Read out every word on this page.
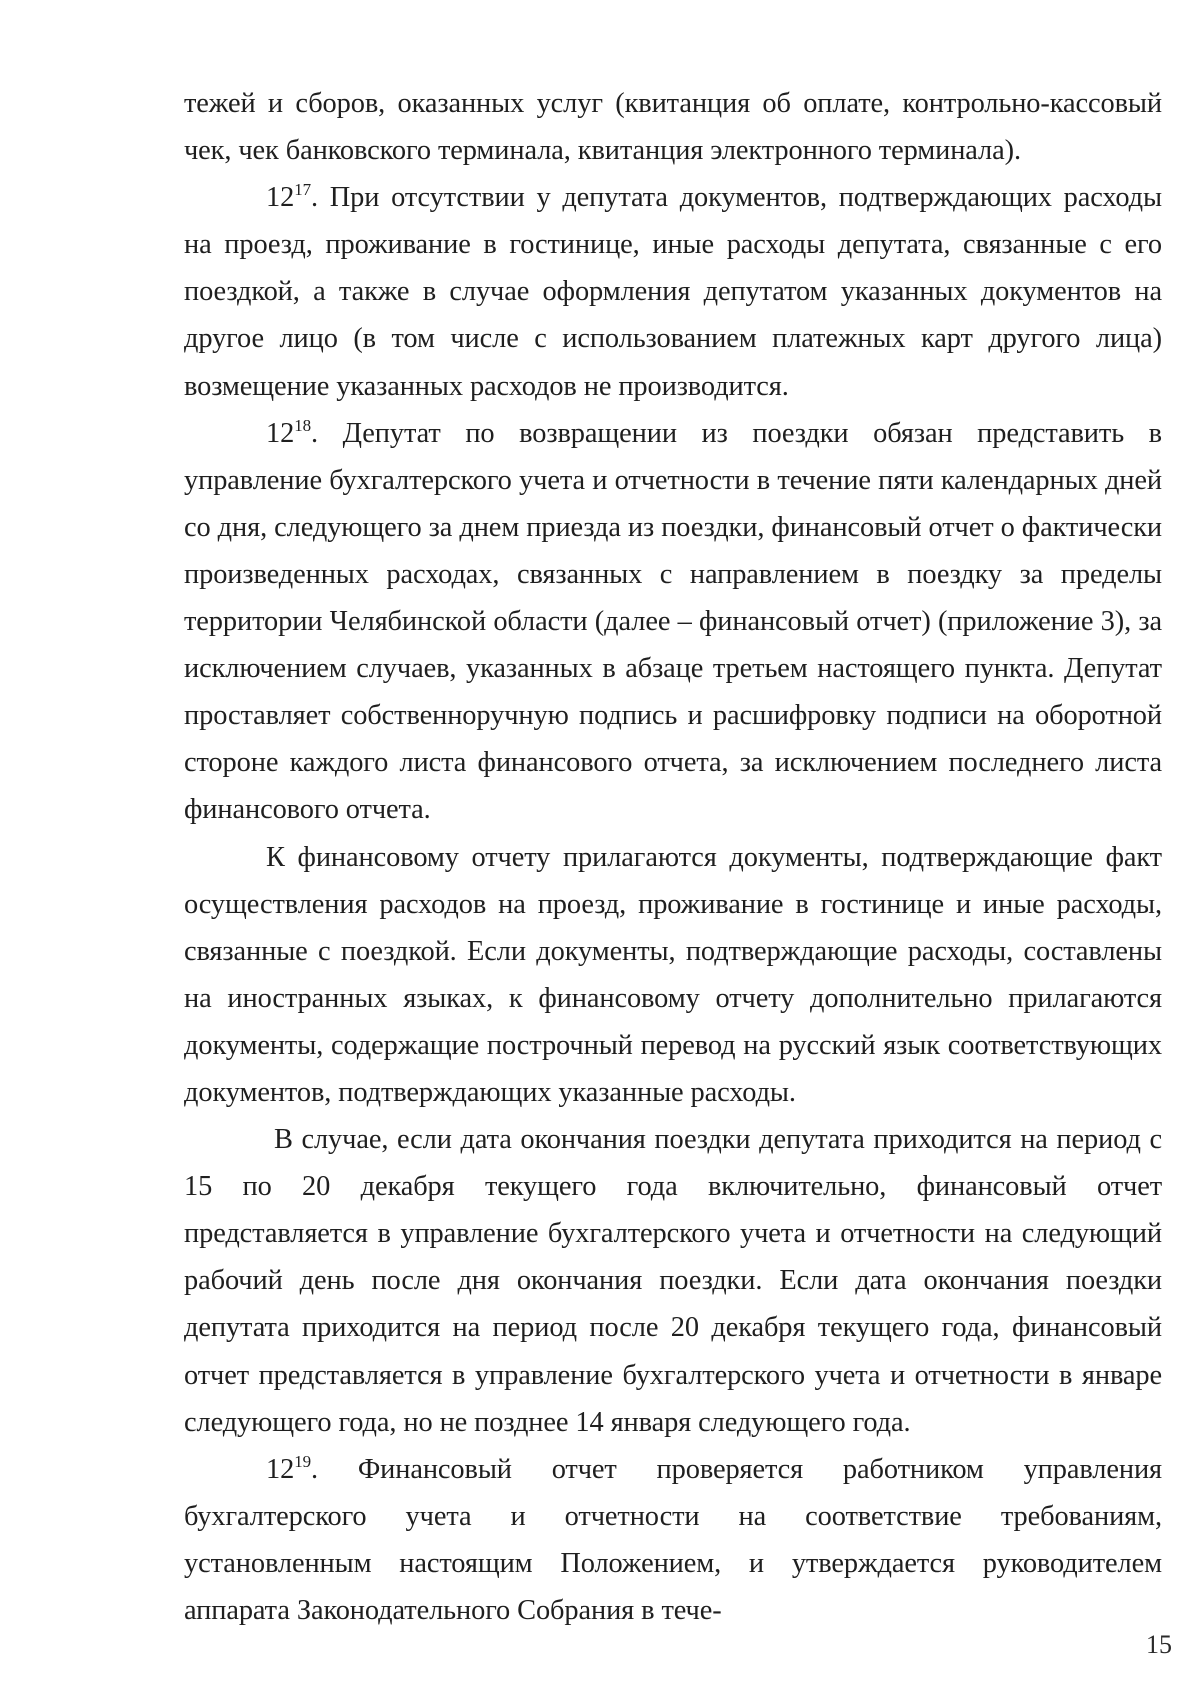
тежей и сборов, оказанных услуг (квитанция об оплате, контрольно-кассовый чек, чек банковского терминала, квитанция электронного терминала).

$12^{17}$. При отсутствии у депутата документов, подтверждающих расходы на проезд, проживание в гостинице, иные расходы депутата, связанные с его поездкой, а также в случае оформления депутатом указанных документов на другое лицо (в том числе с использованием платежных карт другого лица) возмещение указанных расходов не производится.

$12^{18}$. Депутат по возвращении из поездки обязан представить в управление бухгалтерского учета и отчетности в течение пяти календарных дней со дня, следующего за днем приезда из поездки, финансовый отчет о фактически произведенных расходах, связанных с направлением в поездку за пределы территории Челябинской области (далее – финансовый отчет) (приложение 3), за исключением случаев, указанных в абзаце третьем настоящего пункта. Депутат проставляет собственноручную подпись и расшифровку подписи на оборотной стороне каждого листа финансового отчета, за исключением последнего листа финансового отчета.

К финансовому отчету прилагаются документы, подтверждающие факт осуществления расходов на проезд, проживание в гостинице и иные расходы, связанные с поездкой. Если документы, подтверждающие расходы, составлены на иностранных языках, к финансовому отчету дополнительно прилагаются документы, содержащие построчный перевод на русский язык соответствующих документов, подтверждающих указанные расходы.

В случае, если дата окончания поездки депутата приходится на период с 15 по 20 декабря текущего года включительно, финансовый отчет представляется в управление бухгалтерского учета и отчетности на следующий рабочий день после дня окончания поездки. Если дата окончания поездки депутата приходится на период после 20 декабря текущего года, финансовый отчет представляется в управление бухгалтерского учета и отчетности в январе следующего года, но не позднее 14 января следующего года.

$12^{19}$. Финансовый отчет проверяется работником управления бухгалтерского учета и отчетности на соответствие требованиям, установленным настоящим Положением, и утверждается руководителем аппарата Законодательного Собрания в тече-

15
